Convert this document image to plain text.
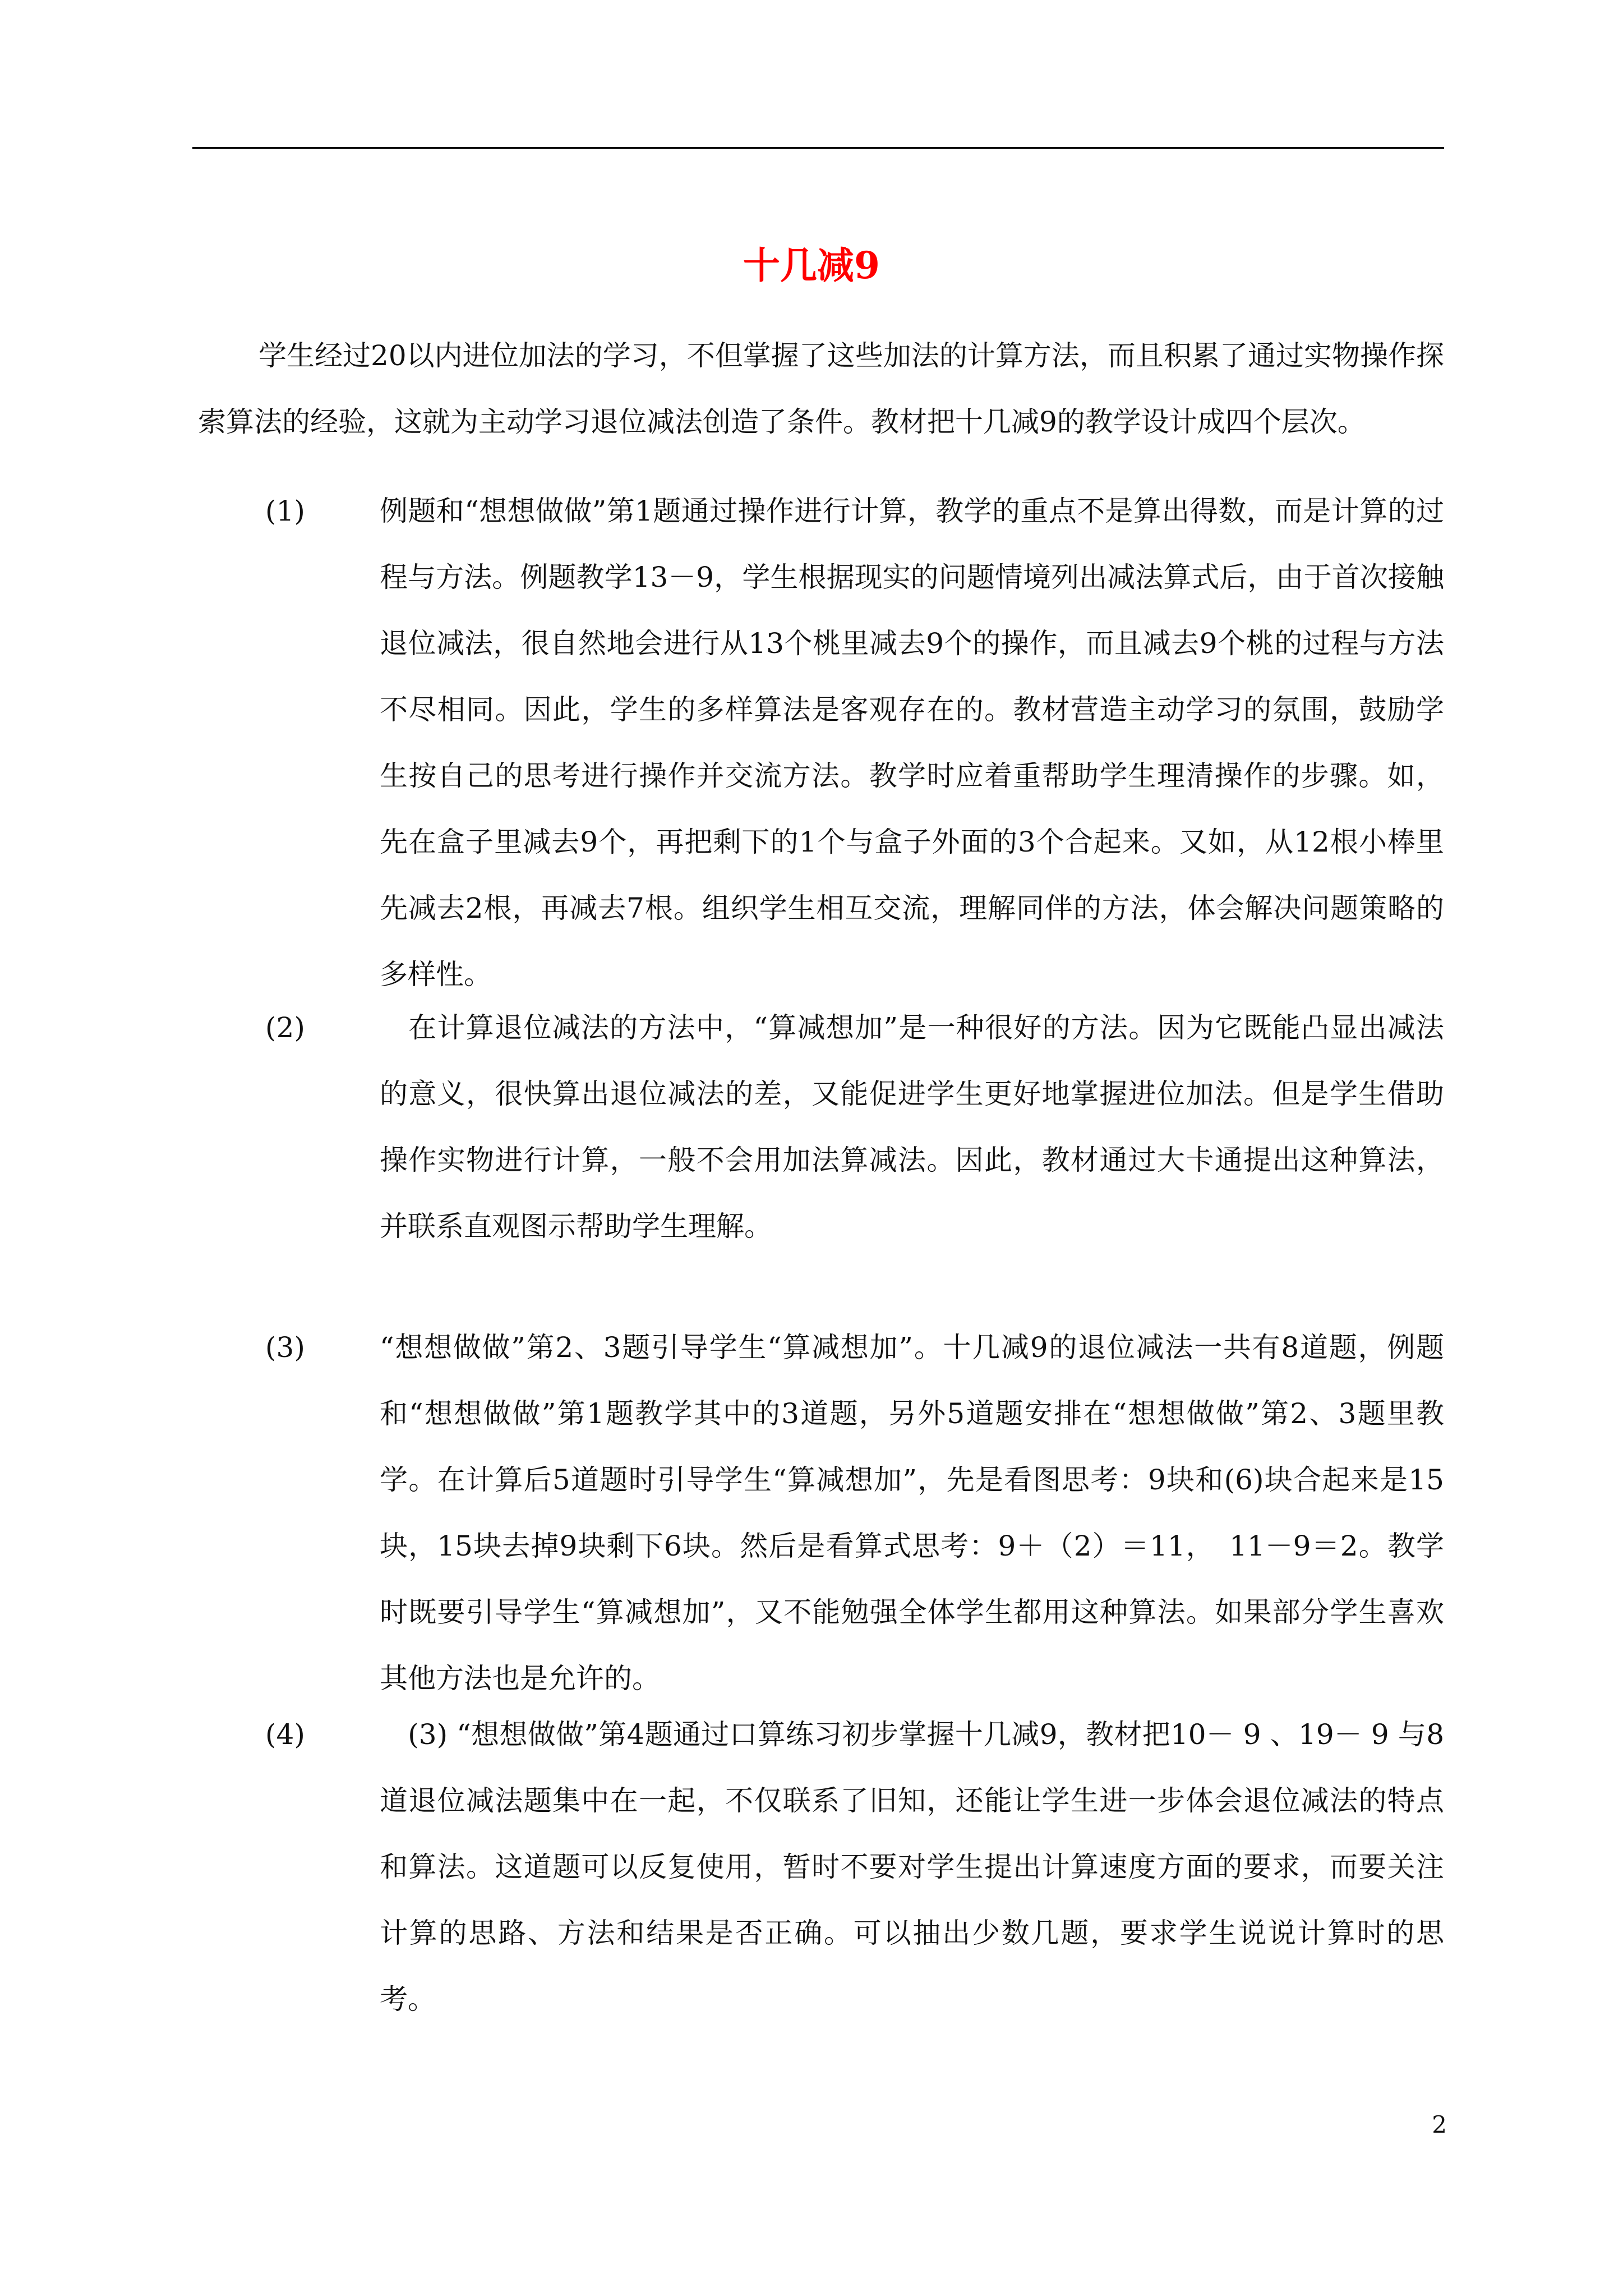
十几减9

学生经过20以内进位加法的学习，不但掌握了这些加法的计算方法，而且积累了通过实物操作探索算法的经验，这就为主动学习退位减法创造了条件。教材把十几减9的教学设计成四个层次。

(1)	例题和“想想做做”第1题通过操作进行计算，教学的重点不是算出得数，而是计算的过程与方法。例题教学13－9，学生根据现实的问题情境列出减法算式后，由于首次接触退位减法，很自然地会进行从13个桃里减去9个的操作，而且减去9个桃的过程与方法不尽相同。因此，学生的多样算法是客观存在的。教材营造主动学习的氛围，鼓励学生按自己的思考进行操作并交流方法。教学时应着重帮助学生理清操作的步骤。如，先在盒子里减去9个，再把剩下的1个与盒子外面的3个合起来。又如，从12根小棒里先减去2根，再减去7根。组织学生相互交流，理解同伴的方法，体会解决问题策略的多样性。

(2)	　在计算退位减法的方法中，“算减想加”是一种很好的方法。因为它既能凸显出减法的意义，很快算出退位减法的差，又能促进学生更好地掌握进位加法。但是学生借助操作实物进行计算，一般不会用加法算减法。因此，教材通过大卡通提出这种算法，并联系直观图示帮助学生理解。

(3)	“想想做做”第2、3题引导学生“算减想加”。十几减9的退位减法一共有8道题，例题和“想想做做”第1题教学其中的3道题，另外5道题安排在“想想做做”第2、3题里教学。在计算后5道题时引导学生“算减想加”，先是看图思考：9块和(6)块合起来是15块，15块去掉9块剩下6块。然后是看算式思考：9＋（2）＝11，　11－9＝2。教学时既要引导学生“算减想加”，又不能勉强全体学生都用这种算法。如果部分学生喜欢其他方法也是允许的。

(4)	　(3) “想想做做”第4题通过口算练习初步掌握十几减9，教材把10－ 9 、19－ 9 与8道退位减法题集中在一起，不仅联系了旧知，还能让学生进一步体会退位减法的特点和算法。这道题可以反复使用，暂时不要对学生提出计算速度方面的要求，而要关注计算的思路、方法和结果是否正确。可以抽出少数几题，要求学生说说计算时的思考。

2
